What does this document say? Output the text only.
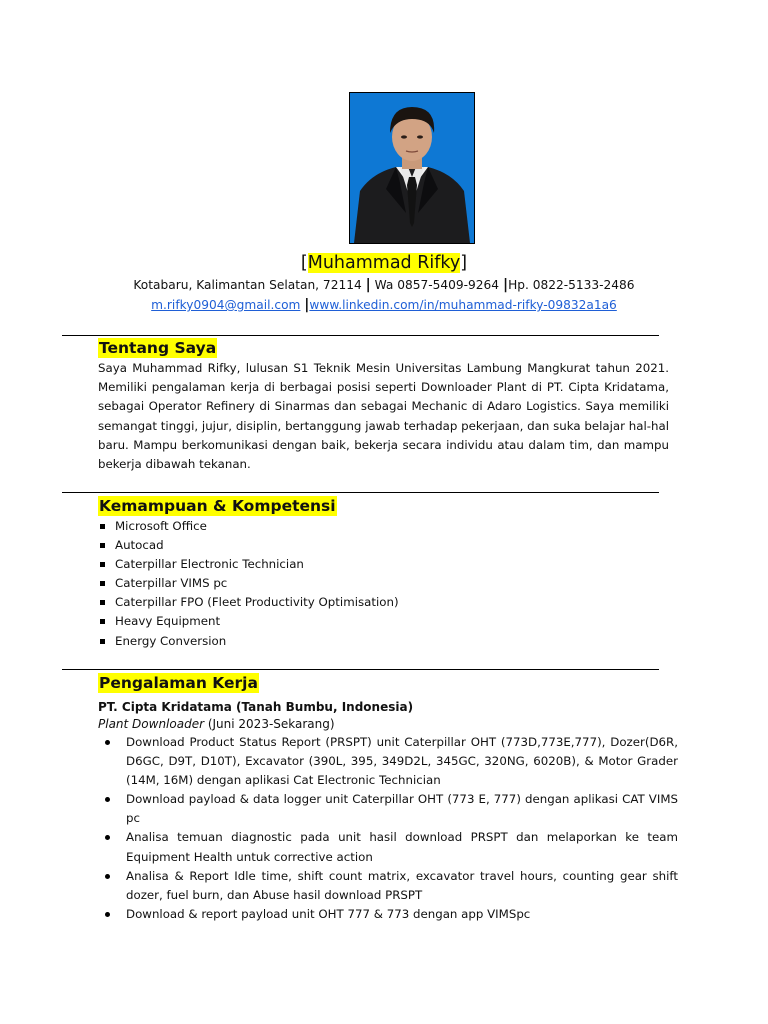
[Muhammad Rifky]
Kotabaru, Kalimantan Selatan, 72114 | Wa 0857-5409-9264 |Hp. 0822-5133-2486
m.rifky0904@gmail.com |www.linkedin.com/in/muhammad-rifky-09832a1a6
Tentang Saya
Saya Muhammad Rifky, lulusan S1 Teknik Mesin Universitas Lambung Mangkurat tahun 2021. Memiliki pengalaman kerja di berbagai posisi seperti Downloader Plant di PT. Cipta Kridatama, sebagai Operator Refinery di Sinarmas dan sebagai Mechanic di Adaro Logistics. Saya memiliki semangat tinggi, jujur, disiplin, bertanggung jawab terhadap pekerjaan, dan suka belajar hal-hal baru. Mampu berkomunikasi dengan baik, bekerja secara individu atau dalam tim, dan mampu bekerja dibawah tekanan.
Kemampuan & Kompetensi
Microsoft Office
Autocad
Caterpillar Electronic Technician
Caterpillar VIMS pc
Caterpillar FPO (Fleet Productivity Optimisation)
Heavy Equipment
Energy Conversion
Pengalaman Kerja
PT. Cipta Kridatama (Tanah Bumbu, Indonesia)
Plant Downloader (Juni 2023-Sekarang)
Download Product Status Report (PRSPT) unit Caterpillar OHT (773D,773E,777), Dozer(D6R, D6GC, D9T, D10T), Excavator (390L, 395, 349D2L, 345GC, 320NG, 6020B), & Motor Grader (14M, 16M) dengan aplikasi Cat Electronic Technician
Download payload & data logger unit Caterpillar OHT (773 E, 777) dengan aplikasi CAT VIMS pc
Analisa temuan diagnostic pada unit hasil download PRSPT dan melaporkan ke team Equipment Health untuk corrective action
Analisa & Report Idle time, shift count matrix, excavator travel hours, counting gear shift dozer, fuel burn, dan Abuse hasil download PRSPT
Download & report payload unit OHT 777 & 773 dengan app VIMSpc
